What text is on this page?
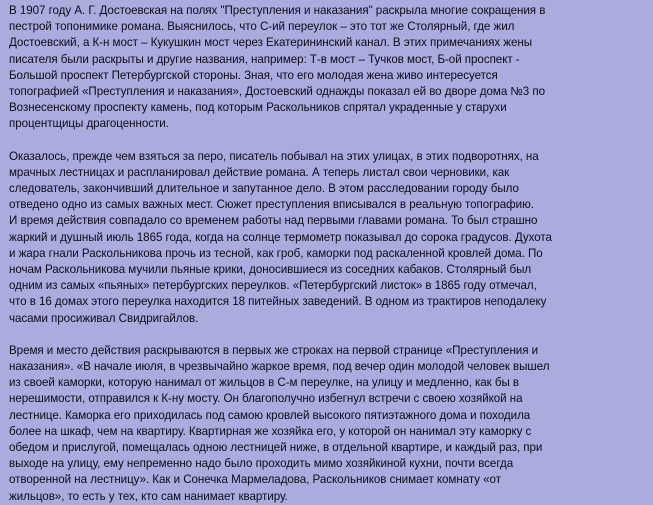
В 1907 году А. Г. Достоевская на полях "Преступления и наказания" раскрыла многие сокращения в
пестрой топонимике романа. Выяснилось, что С-ий переулок – это тот же Столярный, где жил
Достоевский, а К-н мост – Кукушкин мост через Екатерининский канал. В этих примечаниях жены
писателя были раскрыты и другие названия, например: Т-в мост – Тучков мост, Б-ой проспект -
Большой проспект Петербургской стороны. Зная, что его молодая жена живо интересуется
топографией «Преступления и наказания», Достоевский однажды показал ей во дворе дома №3 по
Вознесенскому проспекту камень, под которым Раскольников спрятал украденные у старухи
процентщицы драгоценности.

Оказалось, прежде чем взяться за перо, писатель побывал на этих улицах, в этих подворотнях, на
мрачных лестницах и распланировал действие романа. А теперь листал свои черновики, как
следователь, закончивший длительное и запутанное дело. В этом расследовании городу было
отведено одно из самых важных мест. Сюжет преступления вписывался в реальную топографию.
И время действия совпадало со временем работы над первыми главами романа. То был страшно
жаркий и душный июль 1865 года, когда на солнце термометр показывал до сорока градусов. Духота
и жара гнали Раскольникова прочь из тесной, как гроб, каморки под раскаленной кровлей дома. По
ночам Раскольникова мучили пьяные крики, доносившиеся из соседних кабаков. Столярный был
одним из самых «пьяных» петербургских переулков. «Петербургский листок» в 1865 году отмечал,
что в 16 домах этого переулка находится 18 питейных заведений. В одном из трактиров неподалеку
часами просиживал Свидригайлов.

Время и место действия раскрываются в первых же строках на первой странице «Преступления и
наказания». «В начале июля, в чрезвычайно жаркое время, под вечер один молодой человек вышел
из своей каморки, которую нанимал от жильцов в С-м переулке, на улицу и медленно, как бы в
нерешимости, отправился к К-ну мосту. Он благополучно избегнул встречи с своею хозяйкой на
лестнице. Каморка его приходилась под самою кровлей высокого пятиэтажного дома и походила
более на шкаф, чем на квартиру. Квартирная же хозяйка его, у которой он нанимал эту каморку с
обедом и прислугой, помещалась одною лестницей ниже, в отдельной квартире, и каждый раз, при
выходе на улицу, ему непременно надо было проходить мимо хозяйкиной кухни, почти всегда
отворенной на лестницу». Как и Сонечка Мармеладова, Раскольников снимает комнату «от
жильцов», то есть у тех, кто сам нанимает квартиру.
